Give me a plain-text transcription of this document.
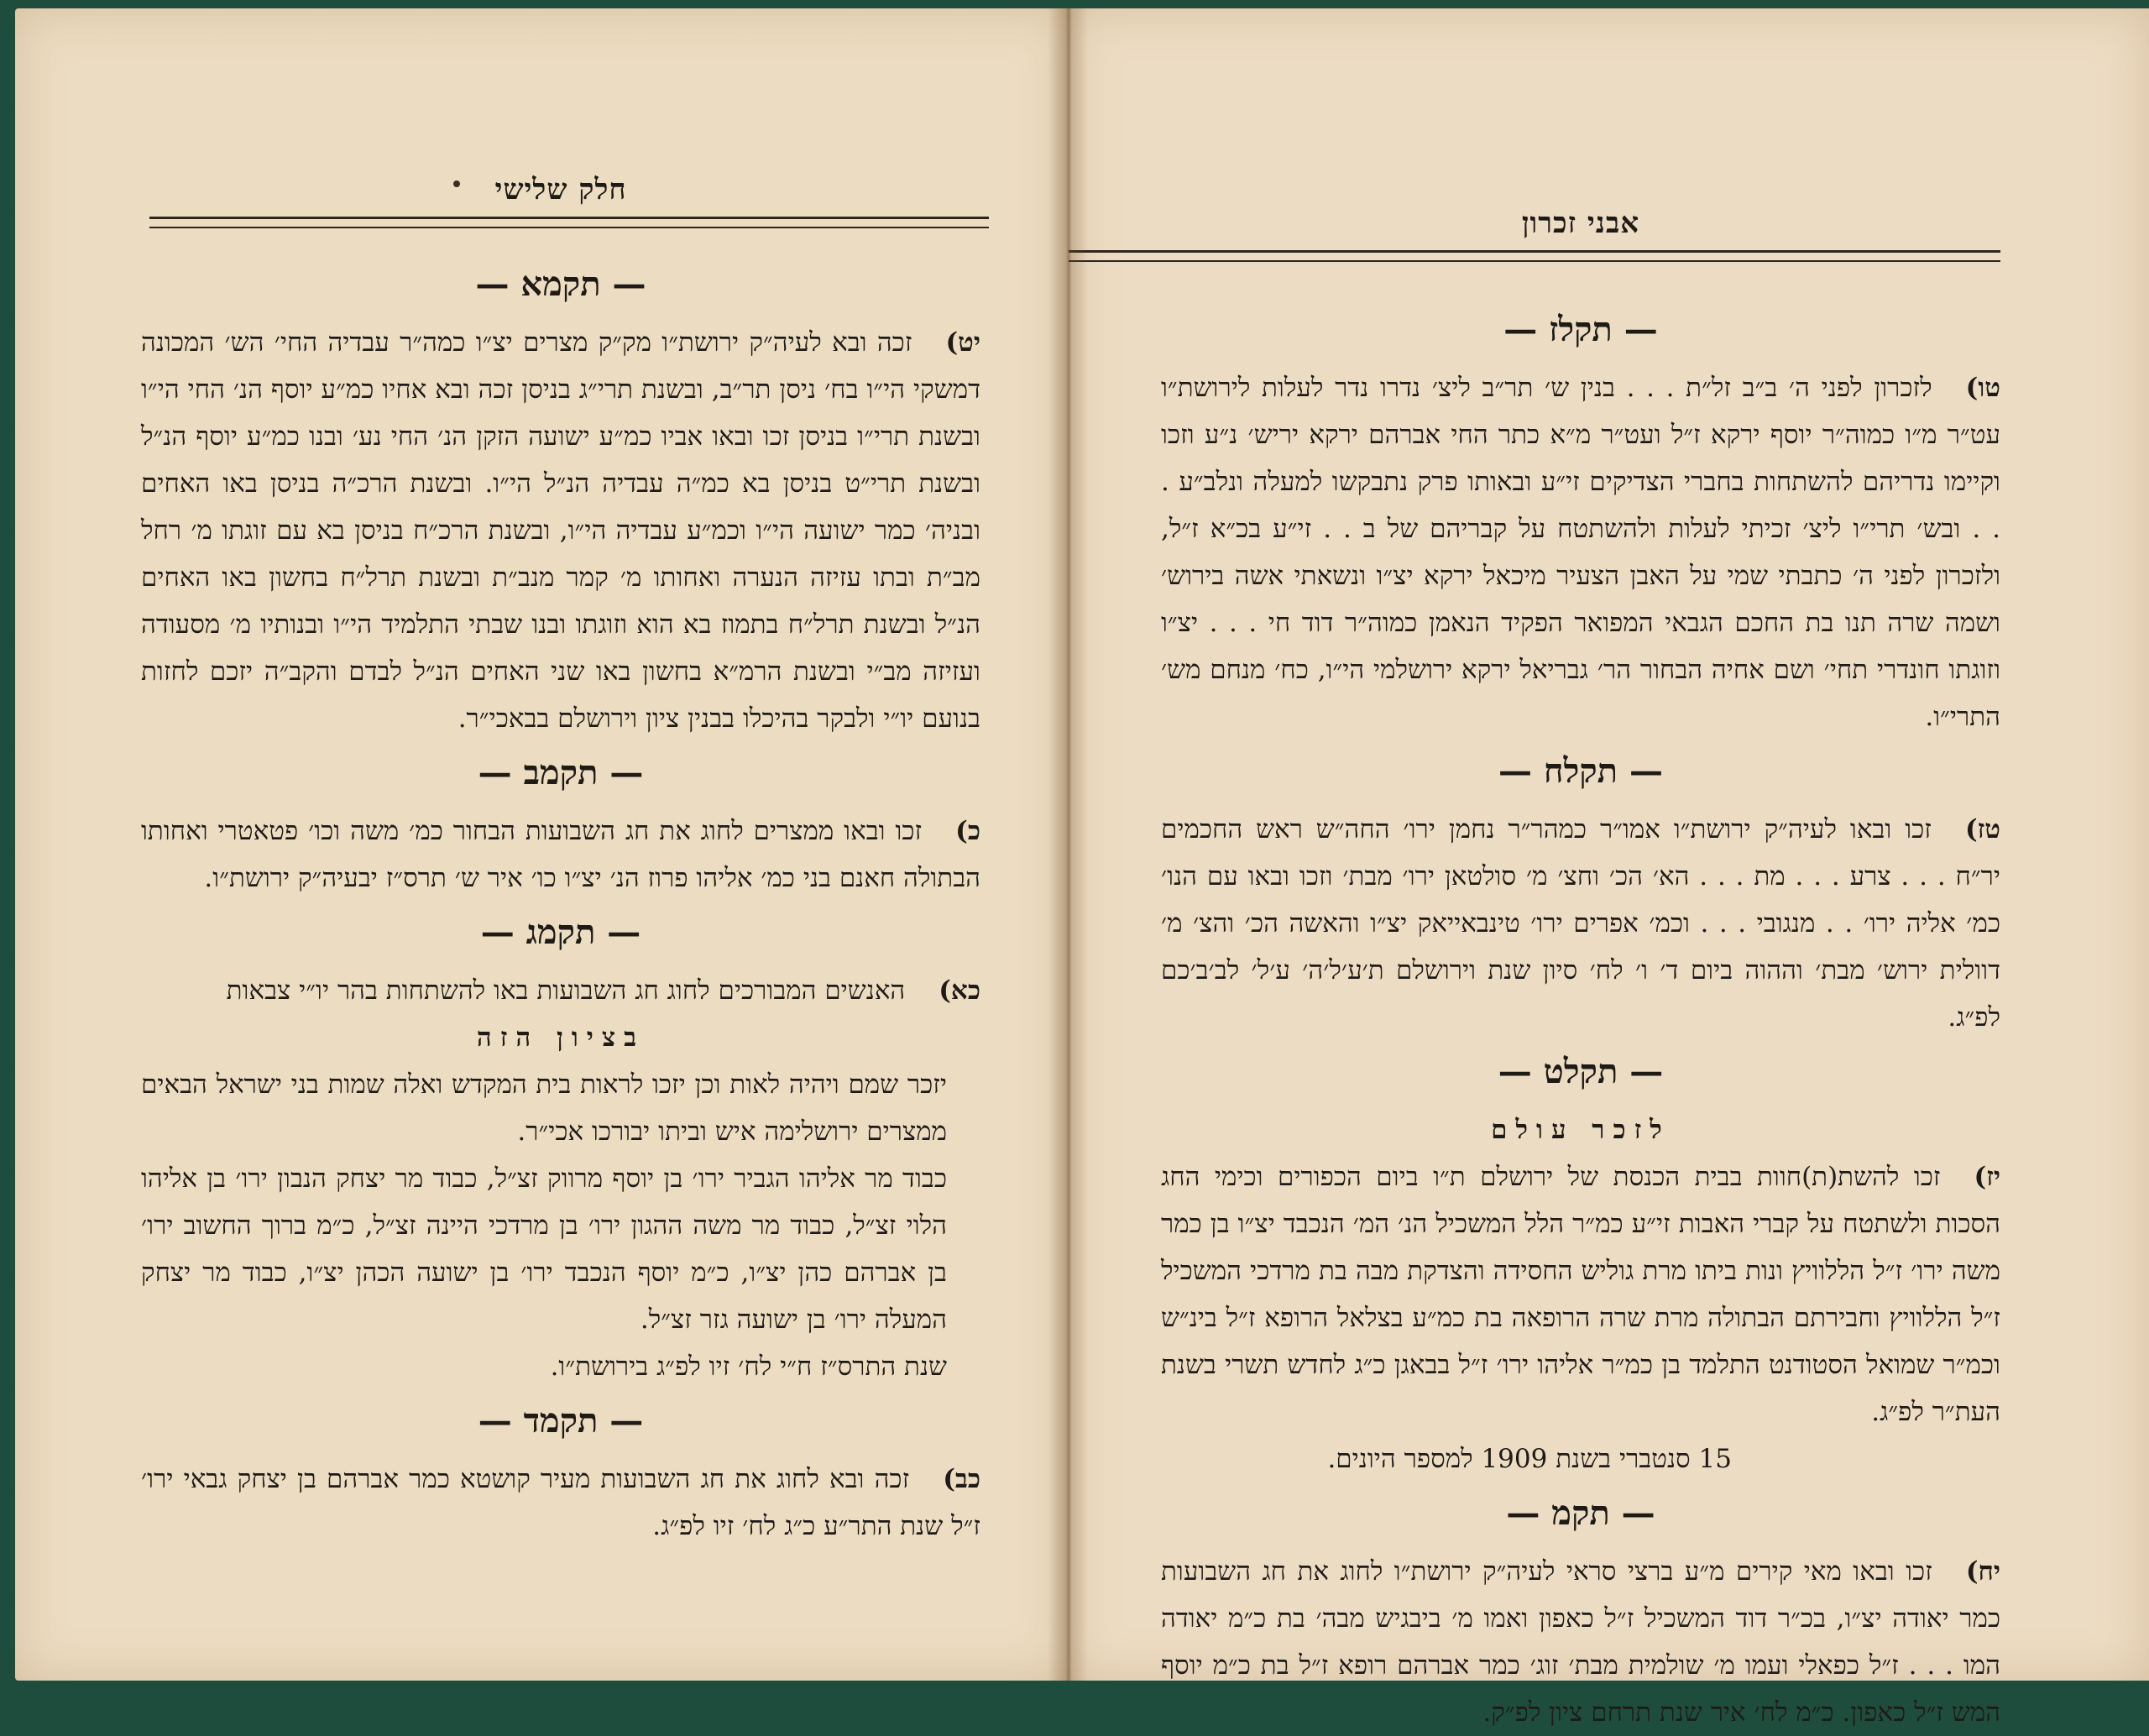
חלק שלישי
— תקמא —

יט)זכה ובא לעיה״ק ירושת״ו מק״ק מצרים יצ״ו כמה״ר עבדיה החי׳ הש׳ המכונה דמשקי הי״ו בח׳ ניסן תר״ב, ובשנת תרי״ג בניסן זכה ובא אחיו כמ״ע יוסף הנ׳ החי הי״ו ובשנת תרי״ו בניסן זכו ובאו אביו כמ״ע ישועה הזקן הנ׳ החי נע׳ ובנו כמ״ע יוסף הנ״ל ובשנת תרי״ט בניסן בא כמ״ה עבדיה הנ״ל הי״ו. ובשנת הרכ״ה בניסן באו האחים ובניה׳ כמר ישועה הי״ו וכמ״ע עבדיה הי״ו, ובשנת הרכ״ח בניסן בא עם זוגתו מ׳ רחל מב״ת ובתו עזיזה הנערה ואחותו מ׳ קמר מנב״ת ובשנת תרל״ח בחשון באו האחים הנ״ל ובשנת תרל״ח בתמוז בא הוא וזוגתו ובנו שבתי התלמיד הי״ו ובנותיו מ׳ מסעודה ועזיזה מב״י ובשנת הרמ״א בחשון באו שני האחים הנ״ל לבדם והקב״ה יזכם לחזות בנועם יו״י ולבקר בהיכלו בבנין ציון וירושלם בבאכי״ר.

— תקמב —

כ)זכו ובאו ממצרים לחוג את חג השבועות הבחור כמ׳ משה וכו׳ פטאטרי ואחותו הבתולה חאנם בני כמ׳ אליהו פרוז הנ׳ יצ״ו כו׳ איר ש׳ תרס״ז יבעיה״ק ירושת״ו.

— תקמג —

כא)האנשים המבורכים לחוג חג השבועות באו להשתחות בהר יו״י צבאות

בציון הזה

יזכר שמם ויהיה לאות וכן יזכו לראות בית המקדש ואלה שמות בני ישראל הבאים ממצרים ירושלימה איש וביתו יבורכו אכי״ר.

כבוד מר אליהו הגביר ירו׳ בן יוסף מרווק זצ״ל, כבוד מר יצחק הנבון ירו׳ בן אליהו הלוי זצ״ל, כבוד מר משה ההגון ירו׳ בן מרדכי היינה זצ״ל, כ״מ ברוך החשוב ירו׳ בן אברהם כהן יצ״ו, כ״מ יוסף הנכבד ירו׳ בן ישועה הכהן יצ״ו, כבוד מר יצחק המעלה ירו׳ בן ישועה גזר זצ״ל.

שנת התרס״ז ח״י לח׳ זיו לפ״ג בירושת״ו.

— תקמד —

כב)זכה ובא לחוג את חג השבועות מעיר קושטא כמר אברהם בן יצחק גבאי ירו׳ ז״ל שנת התר״ע כ״ג לח׳ זיו לפ״ג.

אבני זכרון
— תקלז —

טו)לזכרון לפני ה׳ ב״ב זל״ת . . . בנין ש׳ תר״ב ליצ׳ נדרו נדר לעלות לירושת״ו עט״ר מ״ו כמוה״ר יוסף ירקא ז״ל ועט״ר מ״א כתר החי אברהם ירקא יריש׳ נ״ע וזכו וקיימו נדריהם להשתחות בחברי הצדיקים זי״ע ובאותו פרק נתבקשו למעלה ונלב״ע . . . ובש׳ תרי״ו ליצ׳ זכיתי לעלות ולהשתטח על קבריהם של ב . . זי״ע בכ״א ז״ל, ולזכרון לפני ה׳ כתבתי שמי על האבן הצעיר מיכאל ירקא יצ״ו ונשאתי אשה בירוש׳ ושמה שרה תנו בת החכם הגבאי המפואר הפקיד הנאמן כמוה״ר דוד חי . . . יצ״ו וזוגתו חונדרי תחי׳ ושם אחיה הבחור הר׳ גבריאל ירקא ירושלמי הי״ו, כח׳ מנחם מש׳ התרי״ו.

— תקלח —

טז)זכו ובאו לעיה״ק ירושת״ו אמו״ר כמהר״ר נחמן ירו׳ החה״ש ראש החכמים יר״ח . . . צרע . . . מת . . . הא׳ הכ׳ וחצ׳ מ׳ סולטאן ירו׳ מבת׳ וזכו ובאו עם הנו׳ כמ׳ אליה ירו׳ . . מנגובי . . . וכמ׳ אפרים ירו׳ טינבאייאק יצ״ו והאשה הכ׳ והצ׳ מ׳ דוולית ירוש׳ מבת׳ וההוה ביום ד׳ ו׳ לח׳ סיון שנת וירושלם ת׳ע׳ל׳ה׳ ע׳ל׳ לב׳ב׳כם לפ״ג.

— תקלט —
לזכר עולם

יז)זכו להשת(ת)חוות בבית הכנסת של ירושלם ת״ו ביום הכפורים וכימי החג הסכות ולשתטח על קברי האבות זי״ע כמ״ר הלל המשכיל הנ׳ המ׳ הנכבד יצ״ו בן כמר משה ירו׳ ז״ל הללוויץ ונות ביתו מרת גוליש החסידה והצדקת מבה בת מרדכי המשכיל ז״ל הללוויץ וחבירתם הבתולה מרת שרה הרופאה בת כמ״ע בצלאל הרופא ז״ל בינ״ש וכמ״ר שמואל הסטודנט התלמד בן כמ״ר אליהו ירו׳ ז״ל בבאגן כ״ג לחדש תשרי בשנת העת״ר לפ״ג.

15 סנטברי בשנת 1909 למספר היונים.

— תקמ —

יח)זכו ובאו מאי קירים מ״ע ברצי סראי לעיה״ק ירושת״ו לחוג את חג השבועות כמר יאודה יצ״ו, בכ״ר דוד המשכיל ז״ל כאפון ואמו מ׳ ביבגיש מבה׳ בת כ״מ יאודה המו . . . ז״ל כפאלי ועמו מ׳ שולמית מבת׳ זוג׳ כמר אברהם רופא ז״ל בת כ״מ יוסף המש ז״ל כאפון. כ״מ לח׳ איר שנת תרחם ציון לפ״ק.
